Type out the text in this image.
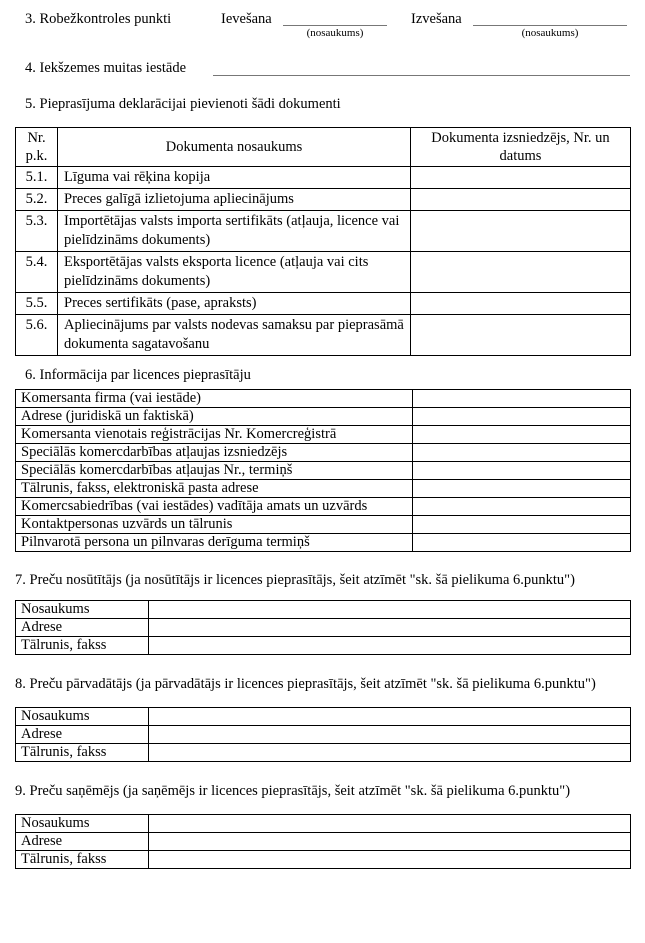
3. Robežkontroles punkti	Ievešana
(nosaukums)
Izvešana
(nosaukums)
4. Iekšzemes muitas iestāde

5. Pieprasījuma deklarācijai pievienoti šādi dokumenti

Nr. p.k.	Dokumenta nosaukums	Dokumenta izsniedzējs, Nr. un datums
5.1.	Līguma vai rēķina kopija	
5.2.	Preces galīgā izlietojuma apliecinājums	
5.3.	Importētājas valsts importa sertifikāts (atļauja, licence vai pielīdzināms dokuments)	
5.4.	Eksportētājas valsts eksporta licence (atļauja vai cits pielīdzināms dokuments)	
5.5.	Preces sertifikāts (pase, apraksts)	
5.6.	Apliecinājums par valsts nodevas samaksu par pieprasāmā dokumenta sagatavošanu	

6. Informācija par licences pieprasītāju

Komersanta firma (vai iestāde)	
Adrese (juridiskā un faktiskā)	
Komersanta vienotais reģistrācijas Nr. Komercreģistrā	
Speciālās komercdarbības atļaujas izsniedzējs	
Speciālās komercdarbības atļaujas Nr., termiņš	
Tālrunis, fakss, elektroniskā pasta adrese	
Komercsabiedrības (vai iestādes) vadītāja amats un uzvārds	
Kontaktpersonas uzvārds un tālrunis	
Pilnvarotā persona un pilnvaras derīguma termiņš	

7. Preču nosūtītājs (ja nosūtītājs ir licences pieprasītājs, šeit atzīmēt "sk. šā pielikuma 6.punktu")

Nosaukums	
Adrese	
Tālrunis, fakss	

8. Preču pārvadātājs (ja pārvadātājs ir licences pieprasītājs, šeit atzīmēt "sk. šā pielikuma 6.punktu")

Nosaukums	
Adrese	
Tālrunis, fakss	

9. Preču saņēmējs (ja saņēmējs ir licences pieprasītājs, šeit atzīmēt "sk. šā pielikuma 6.punktu")

Nosaukums	
Adrese	
Tālrunis, fakss	
